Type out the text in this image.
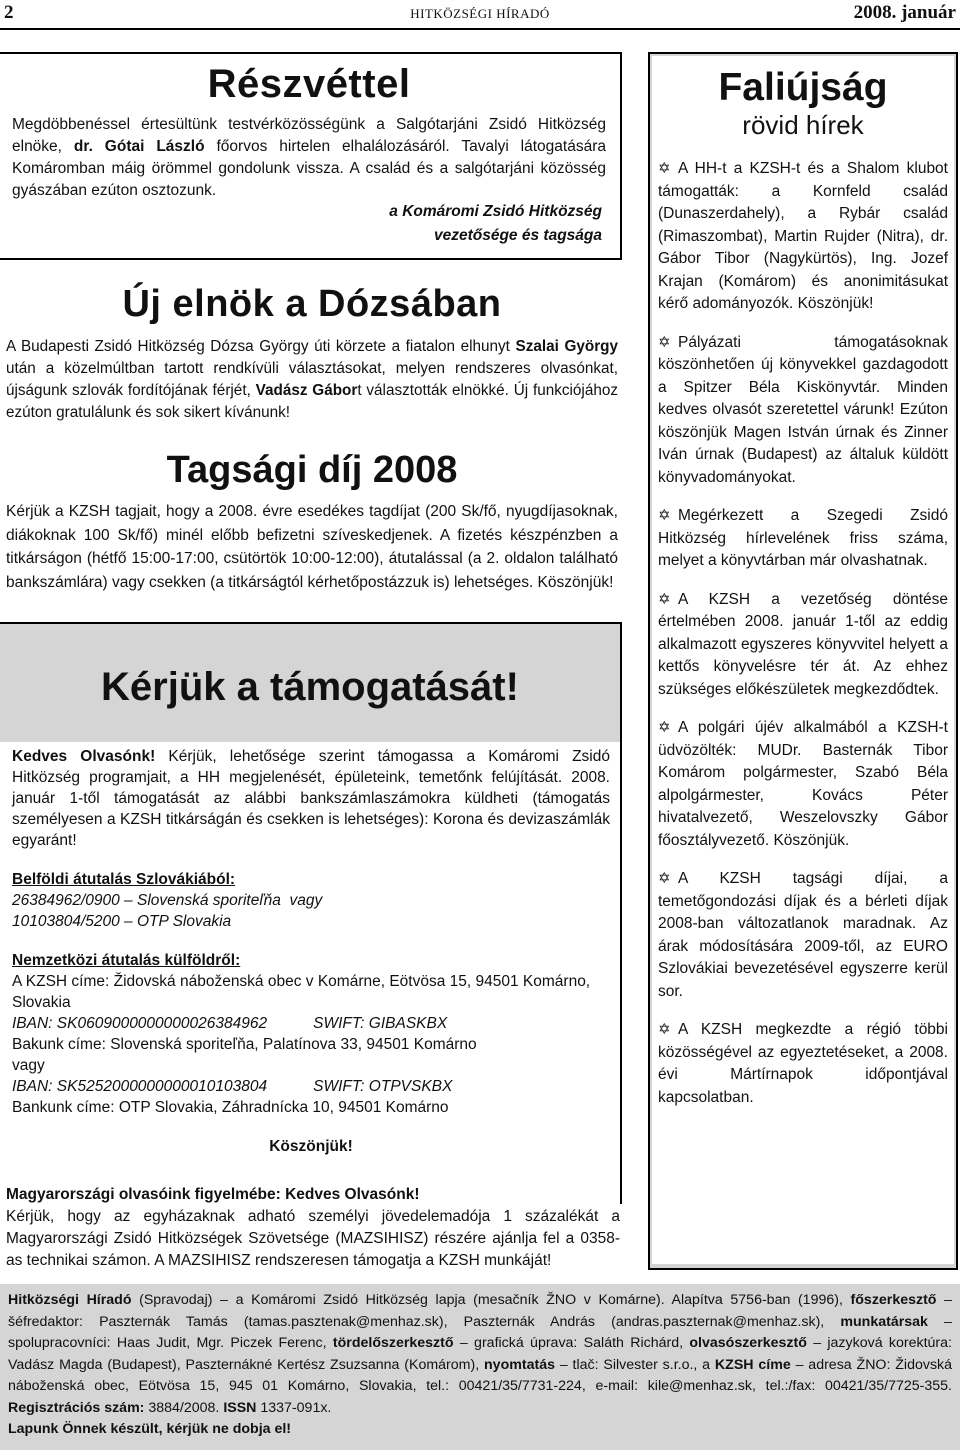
2	HITKÖZSÉGI HÍRADÓ	2008. január
Részvéttel

Megdöbbenéssel értesültünk testvérközösségünk a Salgótarjáni Zsidó Hitközség elnöke, dr. Gótai László főorvos hirtelen elhalálozásáról. Tavalyi látogatására Komáromban máig örömmel gondolunk vissza. A család és a salgótarjáni közösség gyászában ezúton osztozunk.

a Komáromi Zsidó Hitközség
vezetősége és tagsága
Új elnök a Dózsában

A Budapesti Zsidó Hitközség Dózsa György úti körzete a fiatalon elhunyt Szalai György után a közelmúltban tartott rendkívüli választásokat, melyen rendszeres olvasónkat, újságunk szlovák fordítójának férjét, Vadász Gábort választották elnökké. Új funkciójához ezúton gratulálunk és sok sikert kívánunk!

Tagsági díj 2008

Kérjük a KZSH tagjait, hogy a 2008. évre esedékes tagdíjat (200 Sk/fő, nyugdíjasoknak, diákoknak 100 Sk/fő) minél előbb befizetni szíveskedjenek. A fizetés készpénzben a titkárságon (hétfő 15:00-17:00, csütörtök 10:00-12:00), átutalással (a 2. oldalon található bankszámlára) vagy csekken (a titkárságtól kérhetőpostázzuk is) lehetséges. Köszönjük!

Kérjük a támogatását!

Kedves Olvasónk! Kérjük, lehetősége szerint támogassa a Komáromi Zsidó Hitközség programjait, a HH megjelenését, épületeink, temetőnk felújítását. 2008. január 1-től támogatását az alábbi bankszámlaszámokra küldheti (támogatás személyesen a KZSH titkárságán és csekken is lehetséges): Korona és devizaszámlák egyaránt!

Belföldi átutalás Szlovákiából:

26384962/0900 – Slovenská sporiteľňa  vagy

10103804/5200 – OTP Slovakia

Nemzetközi átutalás külföldről:

A KZSH címe: Židovská náboženská obec v Komárne, Eötvösa 15, 94501 Komárno, Slovakia

IBAN: SK0609000000000026384962	SWIFT: GIBASKBX

Bakunk címe: Slovenská sporiteľňa, Palatínova 33, 94501 Komárno

vagy

IBAN: SK5252000000000010103804	SWIFT: OTPVSKBX

Bankunk címe: OTP Slovakia, Záhradnícka 10, 94501 Komárno

Köszönjük!

Magyarországi olvasóink figyelmébe: Kedves Olvasónk!

Kérjük, hogy az egyházaknak adható személyi jövedelemadója 1 százalékát a Magyarországi Zsidó Hitközségek Szövetsége (MAZSIHISZ) részére ajánlja fel a 0358-as technikai számon. A MAZSIHISZ rendszeresen támogatja a KZSH munkáját!

Faliújság
rövid hírek

✡ A HH-t a KZSH-t és a Shalom klubot támogatták: a Kornfeld család (Dunaszerdahely), a Rybár család (Rimaszombat), Martin Rujder (Nitra), dr. Gábor Tibor (Nagykürtös), Ing. Jozef Krajan (Komárom) és anonimitásukat kérő adományozók. Köszönjük!

✡ Pályázati támogatásoknak köszönhetően új könyvekkel gazdagodott a Spitzer Béla Kiskönyvtár. Minden kedves olvasót szeretettel várunk! Ezúton köszönjük Magen István úrnak és Zinner Iván úrnak (Budapest) az általuk küldött könyvadományokat.

✡ Megérkezett a Szegedi Zsidó Hitközség hírlevelének friss száma, melyet a könyvtárban már olvashatnak.

✡ A KZSH a vezetőség döntése értelmében 2008. január 1-től az eddig alkalmazott egyszeres könyvvitel helyett a kettős könyvelésre tér át. Az ehhez szükséges előkészületek megkezdődtek.

✡ A polgári újév alkalmából a KZSH-t üdvözölték: MUDr. Basternák Tibor Komárom polgármester, Szabó Béla alpolgármester, Kovács Péter hivatalvezető, Weszelovszky Gábor főosztályvezető. Köszönjük.

✡ A KZSH tagsági díjai, a temetőgondozási díjak és a bérleti díjak 2008-ban változatlanok maradnak. Az árak módosítására 2009-től, az EURO Szlovákiai bevezetésével egyszerre kerül sor.

✡ A KZSH megkezdte a régió többi közösségével az egyeztetéseket, a 2008. évi Mártírnapok időpontjával kapcsolatban.

Hitközségi Híradó (Spravodaj) – a Komáromi Zsidó Hitközség lapja (mesačník ŽNO v Komárne). Alapítva 5756-ban (1996), főszerkesztő – šéfredaktor: Paszternák Tamás (tamas.pasztenak@menhaz.sk), Paszternák András (andras.paszternak@menhaz.sk), munkatársak – spolupracovníci: Haas Judit, Mgr. Piczek Ferenc, tördelőszerkesztő – grafická úprava: Saláth Richárd, olvasószerkesztő – jazyková korektúra: Vadász Magda (Budapest), Paszternákné Kertész Zsuzsanna (Komárom), nyomtatás – tlač: Silvester s.r.o., a KZSH címe – adresa ŽNO: Židovská náboženská obec, Eötvösa 15, 945 01 Komárno, Slovakia, tel.: 00421/35/7731-224, e-mail: kile@menhaz.sk, tel.:/fax: 00421/35/7725-355. Regisztrációs szám: 3884/2008. ISSN 1337-091x.

Lapunk Önnek készült, kérjük ne dobja el!
